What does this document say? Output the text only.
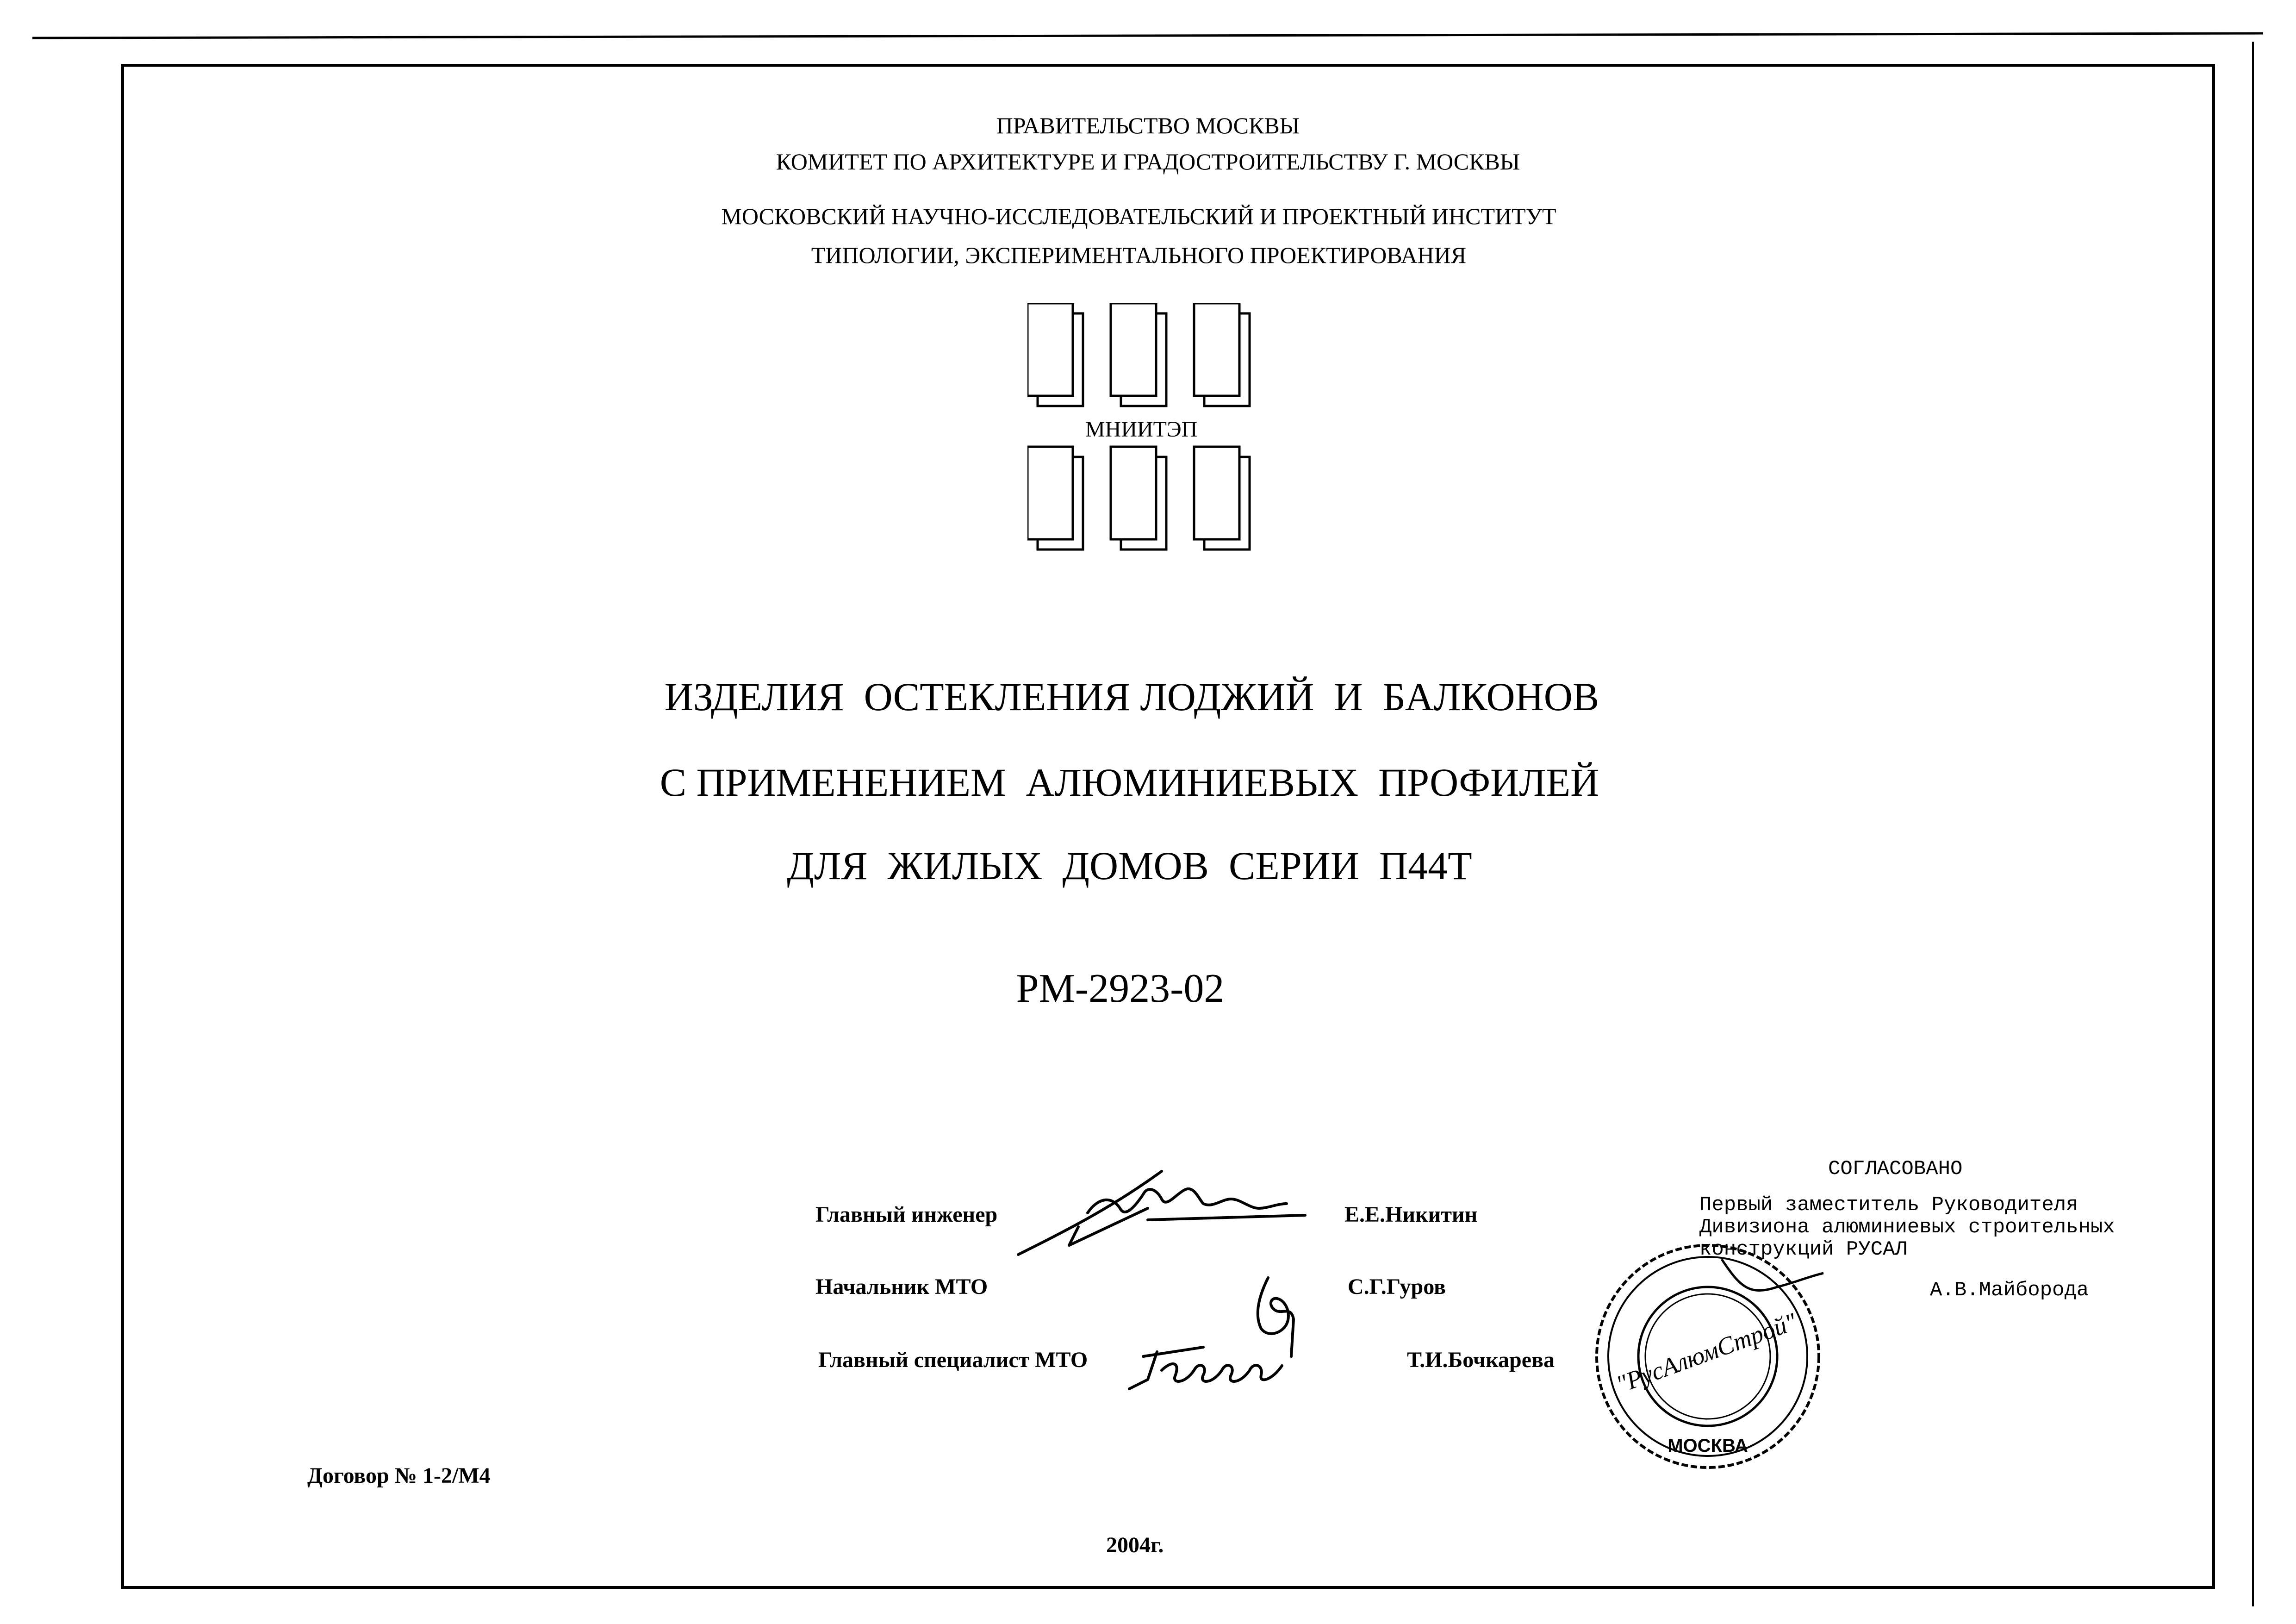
ПРАВИТЕЛЬСТВО МОСКВЫ
КОМИТЕТ ПО АРХИТЕКТУРЕ И ГРАДОСТРОИТЕЛЬСТВУ Г. МОСКВЫ
МОСКОВСКИЙ НАУЧНО-ИССЛЕДОВАТЕЛЬСКИЙ И ПРОЕКТНЫЙ ИНСТИТУТ
ТИПОЛОГИИ, ЭКСПЕРИМЕНТАЛЬНОГО ПРОЕКТИРОВАНИЯ
МНИИТЭП
ИЗДЕЛИЯ  ОСТЕКЛЕНИЯ ЛОДЖИЙ  И  БАЛКОНОВ
С ПРИМЕНЕНИЕМ  АЛЮМИНИЕВЫХ  ПРОФИЛЕЙ
ДЛЯ  ЖИЛЫХ  ДОМОВ  СЕРИИ  П44Т
РМ-2923-02
Главный инженер	Е.Е.Никитин
Начальник МТО	С.Г.Гуров
Главный специалист МТО	Т.И.Бочкарева
СОГЛАСОВАНО
Первый заместитель Руководителя
Дивизиона алюминиевых строительных
конструкций РУСАЛ
А.В.Майборода
"РусАлюмСтрой"
МОСКВА
Договор № 1-2/М4
2004г.
